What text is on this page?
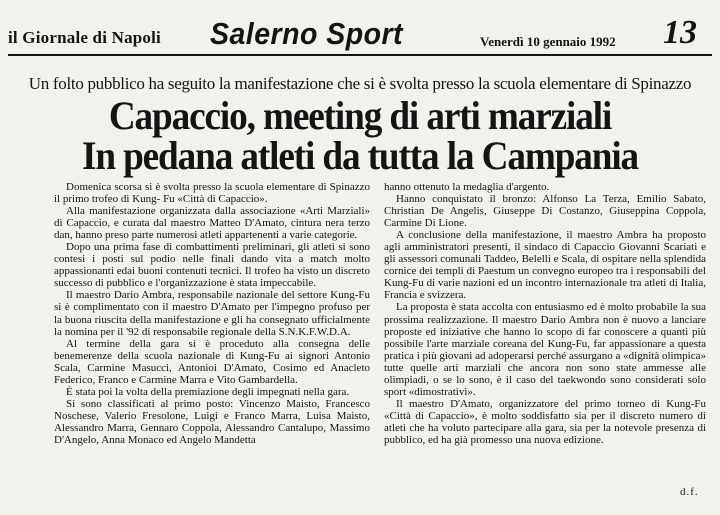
il Giornale di Napoli Salerno Sport	Venerdì 10 gennaio 1992 13
Un folto pubblico ha seguito la manifestazione che si è svolta presso la scuola elementare di Spinazzo
Capaccio, meeting di arti marziali
In pedana atleti da tutta la Campania

Domenica scorsa si è svolta presso la scuola elementare di Spinazzo il primo trofeo di Kung- Fu «Città di Capaccio».

Alla manifestazione organizzata dalla associazione «Arti Marziali» di Capaccio, e curata dal maestro Matteo D'Amato, cintura nera terzo dan, hanno preso parte numerosi atleti appartenenti a varie categorie.

Dopo una prima fase di combattimenti preliminari, gli atleti si sono contesi i posti sul podio nelle finali dando vita a match molto appassionanti edai buoni contenuti tecnici. Il trofeo ha visto un discreto successo di pubblico e l'organizzazione è stata impeccabile.

Il maestro Dario Ambra, responsabile nazionale del settore Kung-Fu si è complimentato con il maestro D'Amato per l'impegno profuso per la buona riuscita della manifestazione e gli ha consegnato ufficialmente la nomina per il '92 di responsabile regionale della S.N.K.F.W.D.A.

Al termine della gara si è proceduto alla consegna delle benemerenze della scuola nazionale di Kung-Fu ai signori Antonio Scala, Carmine Masucci, Antonioi D'Amato, Cosimo ed Anacleto Federico, Franco e Carmine Marra e Vito Gambardella.

È stata poi la volta della premiazione degli impegnati nella gara.

Si sono classificati al primo posto: Vincenzo Maisto, Francesco Noschese, Valerio Fresolone, Luigi e Franco Marra, Luisa Maisto, Alessandro Marra, Gennaro Coppola, Alessandro Cantalupo, Massimo D'Angelo, Anna Monaco ed Angelo Mandetta

hanno ottenuto la medaglia d'argento.

Hanno conquistato il bronzo: Alfonso La Terza, Emilio Sabato, Christian De Angelis, Giuseppe Di Costanzo, Giuseppina Coppola, Carmine Di Lione.

A conclusione della manifestazione, il maestro Ambra ha proposto agli amministratori presenti, il sindaco di Capaccio Giovanni Scariati e gli assessori comunali Taddeo, Belelli e Scala, di ospitare nella splendida cornice dei templi di Paestum un convegno europeo tra i responsabili del Kung-Fu di varie nazioni ed un incontro internazionale tra atleti di Italia, Francia e svizzera.

La proposta è stata accolta con entusiasmo ed è molto probabile la sua prossima realizzazione. Il maestro Dario Ambra non è nuovo a lanciare proposte ed iniziative che hanno lo scopo di far conoscere a quanti più possibile l'arte marziale coreana del Kung-Fu, far appassionare a questa pratica i più giovani ad adoperarsi perché assurgano a «dignità olimpica» tutte quelle arti marziali che ancora non sono state ammesse alle olimpiadi, o se lo sono, è il caso del taekwondo sono considerati solo sport «dimostrativi».

Il maestro D'Amato, organizzatore del primo torneo di Kung-Fu «Città di Capaccio», è molto soddisfatto sia per il discreto numero di atleti che ha voluto partecipare alla gara, sia per la notevole presenza di pubblico, ed ha già promesso una nuova edizione.

d.f.
